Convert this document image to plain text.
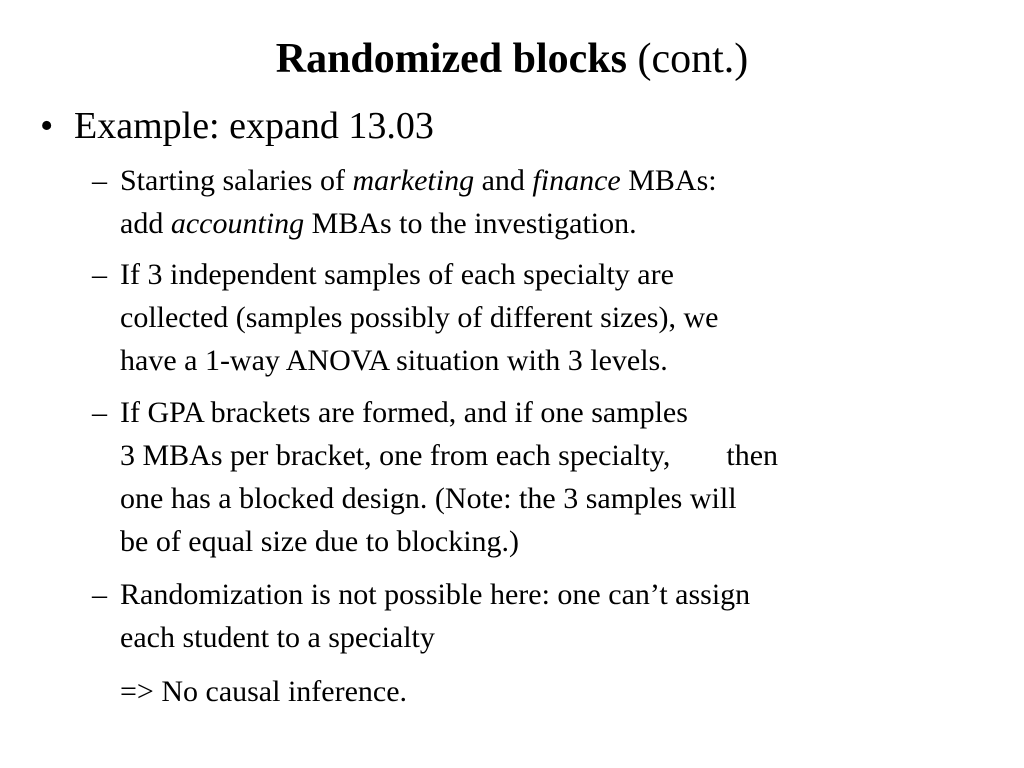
Randomized blocks (cont.)
• Example: expand 13.03
– Starting salaries of marketing and finance MBAs:
add accounting MBAs to the investigation.
– If 3 independent samples of each specialty are
collected (samples possibly of different sizes), we
have a 1-way ANOVA situation with 3 levels.
– If GPA brackets are formed, and if one samples
3 MBAs per bracket, one from each specialty, then
one has a blocked design. (Note: the 3 samples will
be of equal size due to blocking.)
– Randomization is not possible here: one can’t assign
each student to a specialty
=> No causal inference.
